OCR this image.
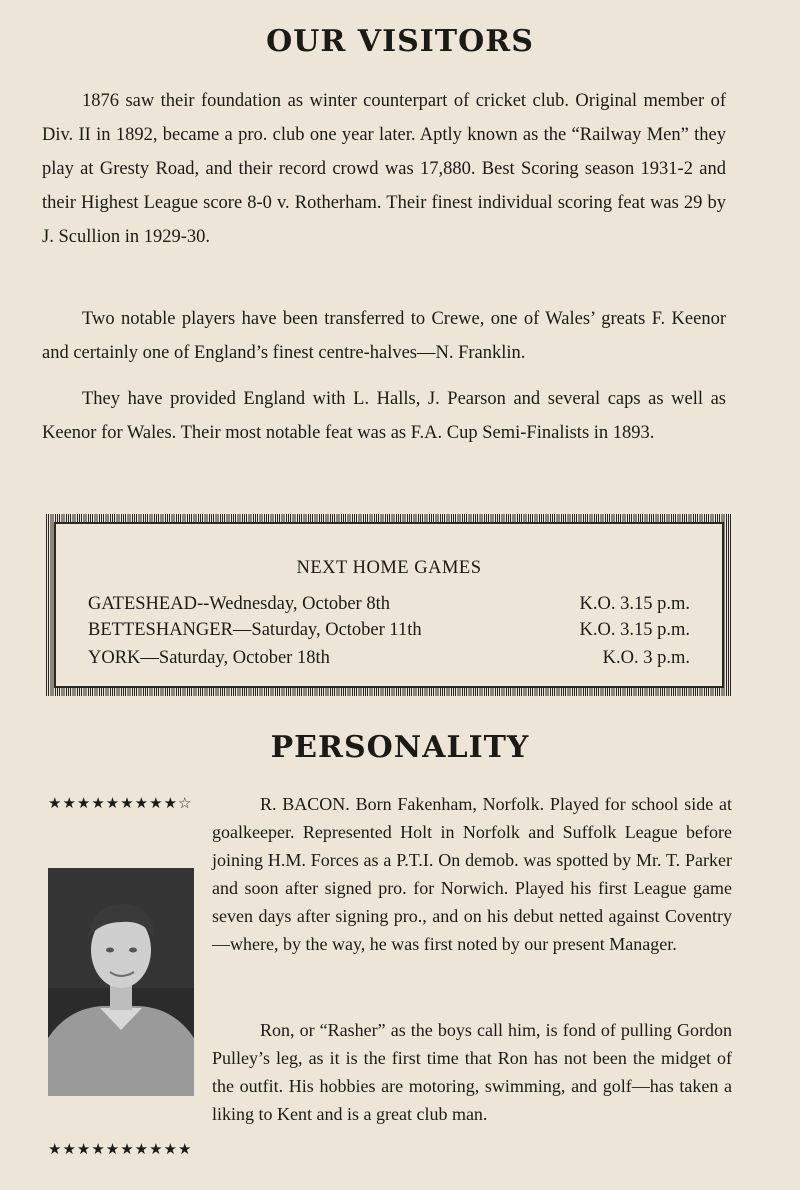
OUR VISITORS

1876 saw their foundation as winter counterpart of cricket club. Original member of Div. II in 1892, became a pro. club one year later. Aptly known as the “Railway Men” they play at Gresty Road, and their record crowd was 17,880. Best Scoring season 1931-2 and their Highest League score 8-0 v. Rotherham. Their finest individual scoring feat was 29 by J. Scullion in 1929-30.

Two notable players have been transferred to Crewe, one of Wales’ greats F. Keenor and certainly one of England’s finest centre-halves—N. Franklin.

They have provided England with L. Halls, J. Pearson and several caps as well as Keenor for Wales. Their most notable feat was as F.A. Cup Semi-Finalists in 1893.

NEXT HOME GAMES
GATESHEAD--Wednesday, October 8th	K.O. 3.15 p.m.
BETTESHANGER—Saturday, October 11th	K.O. 3.15 p.m.
YORK—Saturday, October 18th	K.O. 3 p.m.
PERSONALITY
★★★★★★★★★☆	R. BACON. Born Fakenham, Norfolk. Played for school side at goalkeeper. Represented Holt in Norfolk and Suffolk League before joining H.M. Forces as a P.T.I. On demob. was spotted by Mr. T. Parker and soon after signed pro. for Norwich. Played his first League game seven days after signing pro., and on his debut netted against Coventry—where, by the way, he was first noted by our present Manager.

Ron, or “Rasher” as the boys call him, is fond of pulling Gordon Pulley’s leg, as it is the first time that Ron has not been the midget of the outfit. His hobbies are motoring, swimming, and golf—has taken a liking to Kent and is a great club man.

★★★★★★★★★★
